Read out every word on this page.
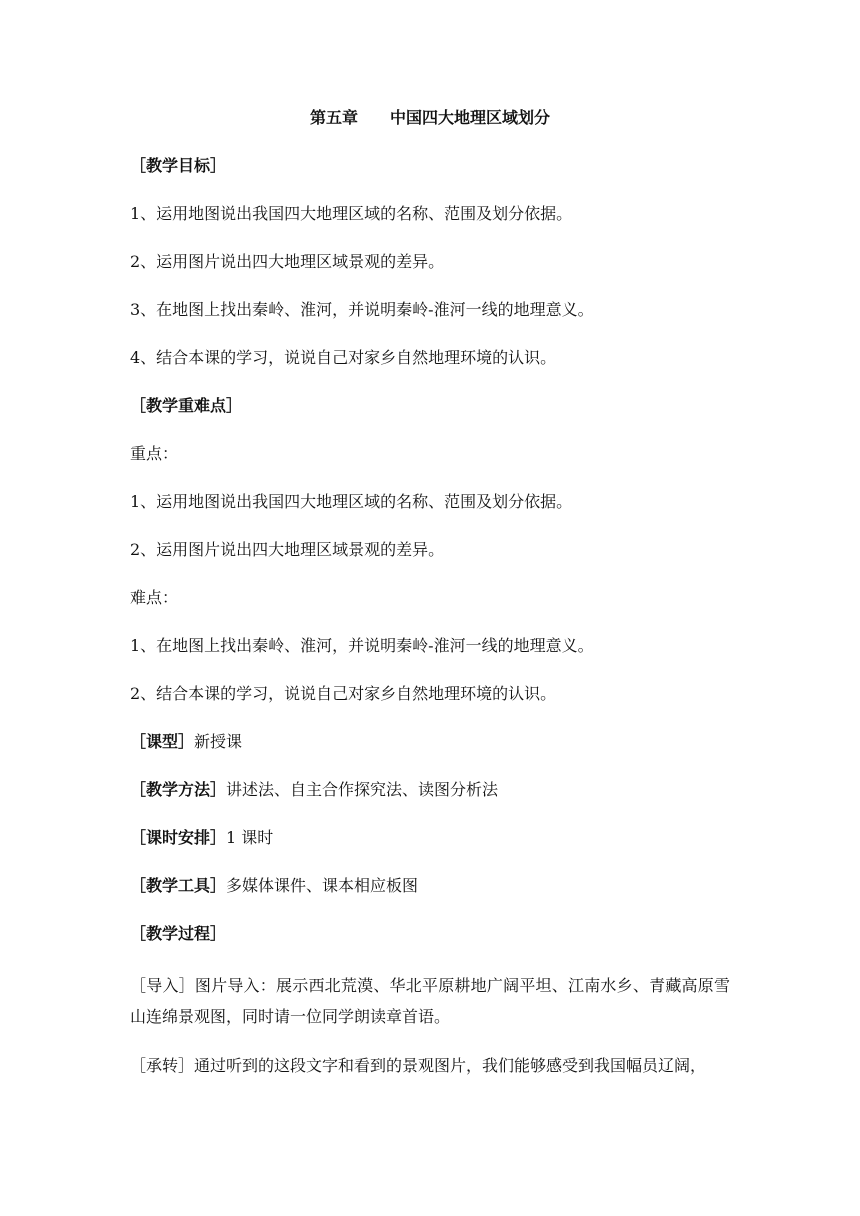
第五章　　中国四大地理区域划分
［教学目标］
1、运用地图说出我国四大地理区域的名称、范围及划分依据。
2、运用图片说出四大地理区域景观的差异。
3、在地图上找出秦岭、淮河，并说明秦岭-淮河一线的地理意义。
4、结合本课的学习，说说自己对家乡自然地理环境的认识。
［教学重难点］
重点：
1、运用地图说出我国四大地理区域的名称、范围及划分依据。
2、运用图片说出四大地理区域景观的差异。
难点：
1、在地图上找出秦岭、淮河，并说明秦岭-淮河一线的地理意义。
2、结合本课的学习，说说自己对家乡自然地理环境的认识。
［课型］新授课
［教学方法］讲述法、自主合作探究法、读图分析法
［课时安排］1 课时
［教学工具］多媒体课件、课本相应板图
［教学过程］
［导入］图片导入：展示西北荒漠、华北平原耕地广阔平坦、江南水乡、青藏高原雪山连绵景观图，同时请一位同学朗读章首语。
［承转］通过听到的这段文字和看到的景观图片，我们能够感受到我国幅员辽阔，
